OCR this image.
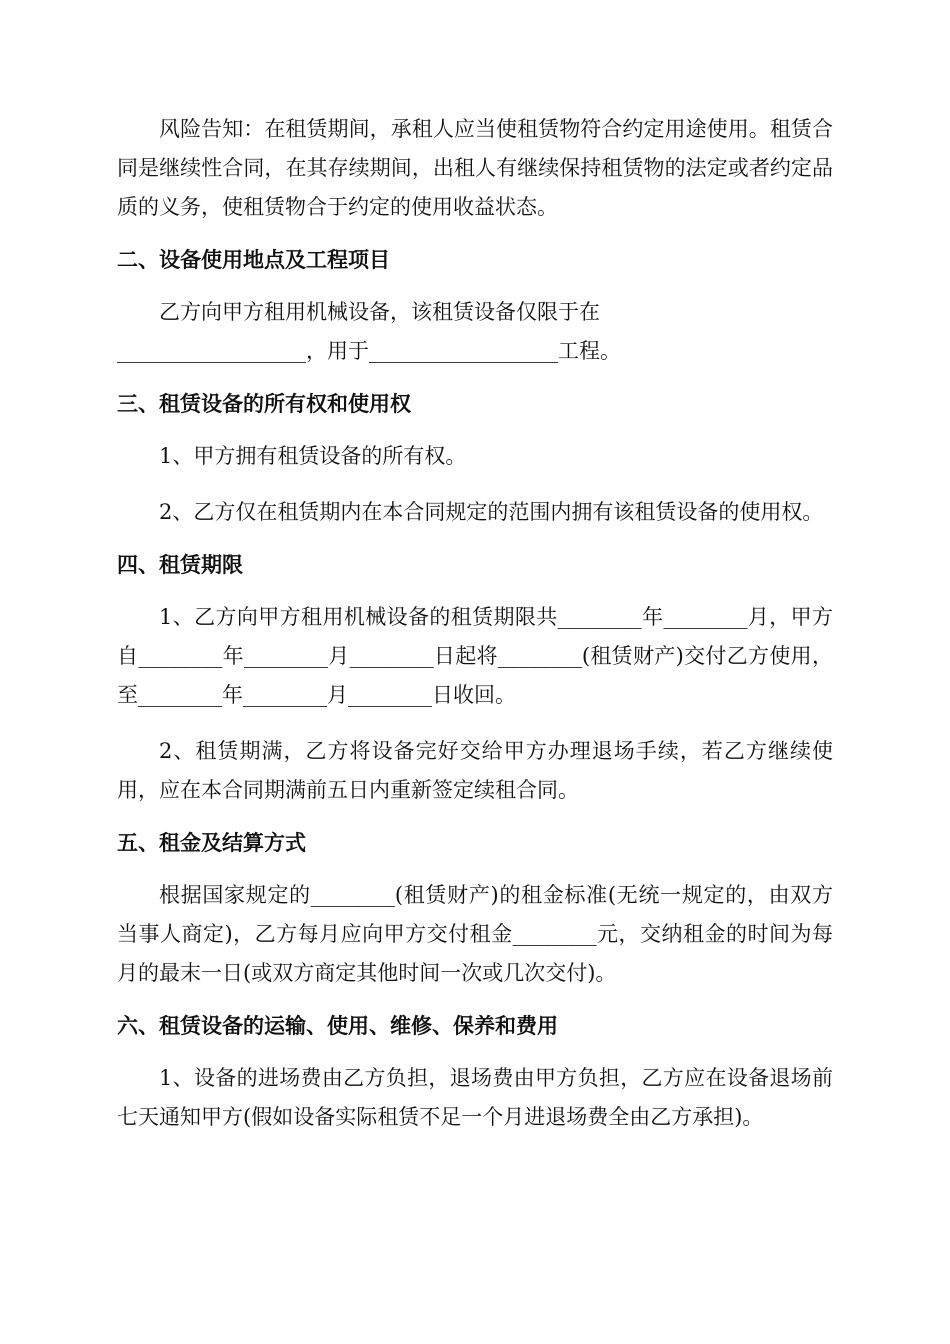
风险告知：在租赁期间，承租人应当使租赁物符合约定用途使用。租赁合同是继续性合同，在其存续期间，出租人有继续保持租赁物的法定或者约定品质的义务，使租赁物合于约定的使用收益状态。

二、设备使用地点及工程项目

乙方向甲方租用机械设备，该租赁设备仅限于在
__________________，用于__________________工程。

三、租赁设备的所有权和使用权

1、甲方拥有租赁设备的所有权。

2、乙方仅在租赁期内在本合同规定的范围内拥有该租赁设备的使用权。

四、租赁期限

1、乙方向甲方租用机械设备的租赁期限共________年________月，甲方自________年________月________日起将________(租赁财产)交付乙方使用，至________年________月________日收回。

2、租赁期满，乙方将设备完好交给甲方办理退场手续，若乙方继续使用，应在本合同期满前五日内重新签定续租合同。

五、租金及结算方式

根据国家规定的________(租赁财产)的租金标准(无统一规定的，由双方当事人商定)，乙方每月应向甲方交付租金________元，交纳租金的时间为每月的最末一日(或双方商定其他时间一次或几次交付)。

六、租赁设备的运输、使用、维修、保养和费用

1、设备的进场费由乙方负担，退场费由甲方负担，乙方应在设备退场前七天通知甲方(假如设备实际租赁不足一个月进退场费全由乙方承担)。
